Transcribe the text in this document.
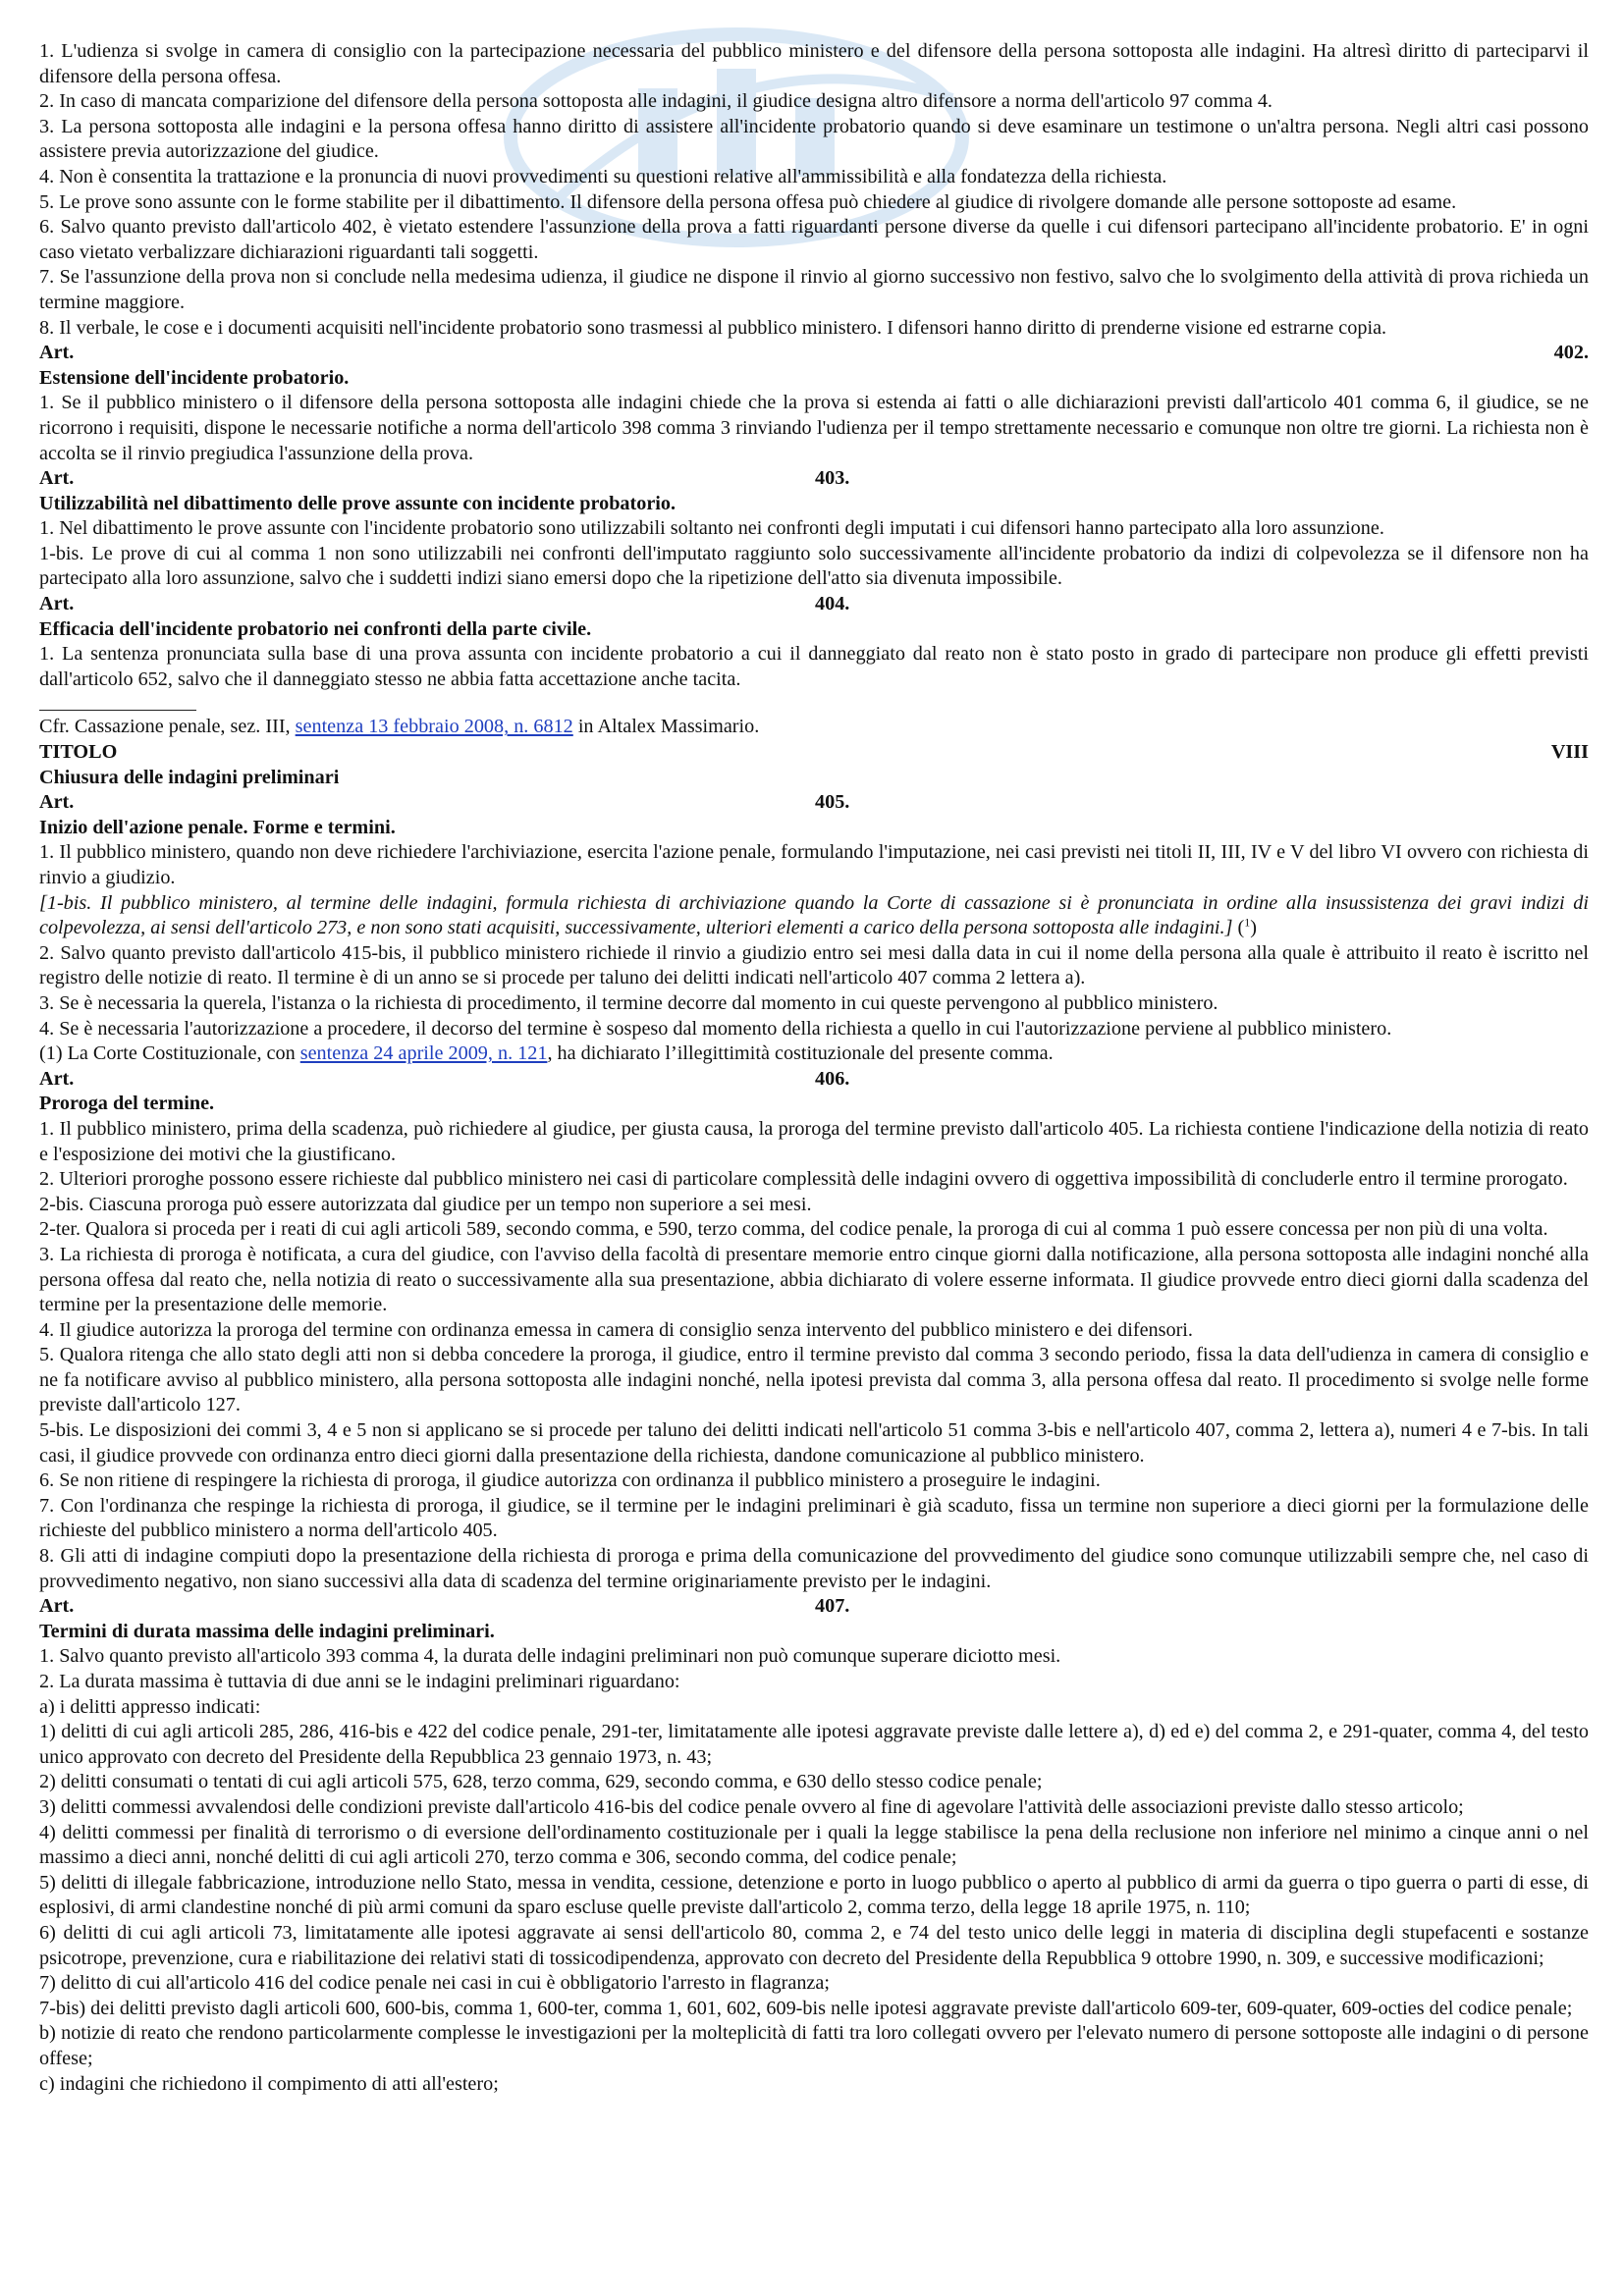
1. L'udienza si svolge in camera di consiglio con la partecipazione necessaria del pubblico ministero e del difensore della persona sottoposta alle indagini. Ha altresì diritto di parteciparvi il difensore della persona offesa.

2. In caso di mancata comparizione del difensore della persona sottoposta alle indagini, il giudice designa altro difensore a norma dell'articolo 97 comma 4.

3. La persona sottoposta alle indagini e la persona offesa hanno diritto di assistere all'incidente probatorio quando si deve esaminare un testimone o un'altra persona. Negli altri casi possono assistere previa autorizzazione del giudice.

4. Non è consentita la trattazione e la pronuncia di nuovi provvedimenti su questioni relative all'ammissibilità e alla fondatezza della richiesta.

5. Le prove sono assunte con le forme stabilite per il dibattimento. Il difensore della persona offesa può chiedere al giudice di rivolgere domande alle persone sottoposte ad esame.

6. Salvo quanto previsto dall'articolo 402, è vietato estendere l'assunzione della prova a fatti riguardanti persone diverse da quelle i cui difensori partecipano all'incidente probatorio. E' in ogni caso vietato verbalizzare dichiarazioni riguardanti tali soggetti.

7. Se l'assunzione della prova non si conclude nella medesima udienza, il giudice ne dispone il rinvio al giorno successivo non festivo, salvo che lo svolgimento della attività di prova richieda un termine maggiore.

8. Il verbale, le cose e i documenti acquisiti nell'incidente probatorio sono trasmessi al pubblico ministero. I difensori hanno diritto di prenderne visione ed estrarne copia.

Art.	402.

Estensione dell'incidente probatorio.

1. Se il pubblico ministero o il difensore della persona sottoposta alle indagini chiede che la prova si estenda ai fatti o alle dichiarazioni previsti dall'articolo 401 comma 6, il giudice, se ne ricorrono i requisiti, dispone le necessarie notifiche a norma dell'articolo 398 comma 3 rinviando l'udienza per il tempo strettamente necessario e comunque non oltre tre giorni. La richiesta non è accolta se il rinvio pregiudica l'assunzione della prova.

Art.	403.

Utilizzabilità nel dibattimento delle prove assunte con incidente probatorio.

1. Nel dibattimento le prove assunte con l'incidente probatorio sono utilizzabili soltanto nei confronti degli imputati i cui difensori hanno partecipato alla loro assunzione.

1-bis. Le prove di cui al comma 1 non sono utilizzabili nei confronti dell'imputato raggiunto solo successivamente all'incidente probatorio da indizi di colpevolezza se il difensore non ha partecipato alla loro assunzione, salvo che i suddetti indizi siano emersi dopo che la ripetizione dell'atto sia divenuta impossibile.

Art.	404.

Efficacia dell'incidente probatorio nei confronti della parte civile.

1. La sentenza pronunciata sulla base di una prova assunta con incidente probatorio a cui il danneggiato dal reato non è stato posto in grado di partecipare non produce gli effetti previsti dall'articolo 652, salvo che il danneggiato stesso ne abbia fatta accettazione anche tacita.

Cfr. Cassazione penale, sez. III, sentenza 13 febbraio 2008, n. 6812 in Altalex Massimario.

TITOLO	VIII

Chiusura delle indagini preliminari

Art.	405.

Inizio dell'azione penale. Forme e termini.

1. Il pubblico ministero, quando non deve richiedere l'archiviazione, esercita l'azione penale, formulando l'imputazione, nei casi previsti nei titoli II, III, IV e V del libro VI ovvero con richiesta di rinvio a giudizio.

[1-bis. Il pubblico ministero, al termine delle indagini, formula richiesta di archiviazione quando la Corte di cassazione si è pronunciata in ordine alla insussistenza dei gravi indizi di colpevolezza, ai sensi dell'articolo 273, e non sono stati acquisiti, successivamente, ulteriori elementi a carico della persona sottoposta alle indagini.] ($^1$)

2. Salvo quanto previsto dall'articolo 415-bis, il pubblico ministero richiede il rinvio a giudizio entro sei mesi dalla data in cui il nome della persona alla quale è attribuito il reato è iscritto nel registro delle notizie di reato. Il termine è di un anno se si procede per taluno dei delitti indicati nell'articolo 407 comma 2 lettera a).

3. Se è necessaria la querela, l'istanza o la richiesta di procedimento, il termine decorre dal momento in cui queste pervengono al pubblico ministero.

4. Se è necessaria l'autorizzazione a procedere, il decorso del termine è sospeso dal momento della richiesta a quello in cui l'autorizzazione perviene al pubblico ministero.

(1) La Corte Costituzionale, con sentenza 24 aprile 2009, n. 121, ha dichiarato l’illegittimità costituzionale del presente comma.

Art.	406.

Proroga del termine.

1. Il pubblico ministero, prima della scadenza, può richiedere al giudice, per giusta causa, la proroga del termine previsto dall'articolo 405. La richiesta contiene l'indicazione della notizia di reato e l'esposizione dei motivi che la giustificano.

2. Ulteriori proroghe possono essere richieste dal pubblico ministero nei casi di particolare complessità delle indagini ovvero di oggettiva impossibilità di concluderle entro il termine prorogato.

2-bis. Ciascuna proroga può essere autorizzata dal giudice per un tempo non superiore a sei mesi.

2-ter. Qualora si proceda per i reati di cui agli articoli 589, secondo comma, e 590, terzo comma, del codice penale, la proroga di cui al comma 1 può essere concessa per non più di una volta.

3. La richiesta di proroga è notificata, a cura del giudice, con l'avviso della facoltà di presentare memorie entro cinque giorni dalla notificazione, alla persona sottoposta alle indagini nonché alla persona offesa dal reato che, nella notizia di reato o successivamente alla sua presentazione, abbia dichiarato di volere esserne informata. Il giudice provvede entro dieci giorni dalla scadenza del termine per la presentazione delle memorie.

4. Il giudice autorizza la proroga del termine con ordinanza emessa in camera di consiglio senza intervento del pubblico ministero e dei difensori.

5. Qualora ritenga che allo stato degli atti non si debba concedere la proroga, il giudice, entro il termine previsto dal comma 3 secondo periodo, fissa la data dell'udienza in camera di consiglio e ne fa notificare avviso al pubblico ministero, alla persona sottoposta alle indagini nonché, nella ipotesi prevista dal comma 3, alla persona offesa dal reato. Il procedimento si svolge nelle forme previste dall'articolo 127.

5-bis. Le disposizioni dei commi 3, 4 e 5 non si applicano se si procede per taluno dei delitti indicati nell'articolo 51 comma 3-bis e nell'articolo 407, comma 2, lettera a), numeri 4 e 7-bis. In tali casi, il giudice provvede con ordinanza entro dieci giorni dalla presentazione della richiesta, dandone comunicazione al pubblico ministero.

6. Se non ritiene di respingere la richiesta di proroga, il giudice autorizza con ordinanza il pubblico ministero a proseguire le indagini.

7. Con l'ordinanza che respinge la richiesta di proroga, il giudice, se il termine per le indagini preliminari è già scaduto, fissa un termine non superiore a dieci giorni per la formulazione delle richieste del pubblico ministero a norma dell'articolo 405.

8. Gli atti di indagine compiuti dopo la presentazione della richiesta di proroga e prima della comunicazione del provvedimento del giudice sono comunque utilizzabili sempre che, nel caso di provvedimento negativo, non siano successivi alla data di scadenza del termine originariamente previsto per le indagini.

Art.	407.

Termini di durata massima delle indagini preliminari.

1. Salvo quanto previsto all'articolo 393 comma 4, la durata delle indagini preliminari non può comunque superare diciotto mesi.

2. La durata massima è tuttavia di due anni se le indagini preliminari riguardano:

a) i delitti appresso indicati:

1) delitti di cui agli articoli 285, 286, 416-bis e 422 del codice penale, 291-ter, limitatamente alle ipotesi aggravate previste dalle lettere a), d) ed e) del comma 2, e 291-quater, comma 4, del testo unico approvato con decreto del Presidente della Repubblica 23 gennaio 1973, n. 43;

2) delitti consumati o tentati di cui agli articoli 575, 628, terzo comma, 629, secondo comma, e 630 dello stesso codice penale;

3) delitti commessi avvalendosi delle condizioni previste dall'articolo 416-bis del codice penale ovvero al fine di agevolare l'attività delle associazioni previste dallo stesso articolo;

4) delitti commessi per finalità di terrorismo o di eversione dell'ordinamento costituzionale per i quali la legge stabilisce la pena della reclusione non inferiore nel minimo a cinque anni o nel massimo a dieci anni, nonché delitti di cui agli articoli 270, terzo comma e 306, secondo comma, del codice penale;

5) delitti di illegale fabbricazione, introduzione nello Stato, messa in vendita, cessione, detenzione e porto in luogo pubblico o aperto al pubblico di armi da guerra o tipo guerra o parti di esse, di esplosivi, di armi clandestine nonché di più armi comuni da sparo escluse quelle previste dall'articolo 2, comma terzo, della legge 18 aprile 1975, n. 110;

6) delitti di cui agli articoli 73, limitatamente alle ipotesi aggravate ai sensi dell'articolo 80, comma 2, e 74 del testo unico delle leggi in materia di disciplina degli stupefacenti e sostanze psicotrope, prevenzione, cura e riabilitazione dei relativi stati di tossicodipendenza, approvato con decreto del Presidente della Repubblica 9 ottobre 1990, n. 309, e successive modificazioni;

7) delitto di cui all'articolo 416 del codice penale nei casi in cui è obbligatorio l'arresto in flagranza;

7-bis) dei delitti previsto dagli articoli 600, 600-bis, comma 1, 600-ter, comma 1, 601, 602, 609-bis nelle ipotesi aggravate previste dall'articolo 609-ter, 609-quater, 609-octies del codice penale;

b) notizie di reato che rendono particolarmente complesse le investigazioni per la molteplicità di fatti tra loro collegati ovvero per l'elevato numero di persone sottoposte alle indagini o di persone offese;

c) indagini che richiedono il compimento di atti all'estero;
